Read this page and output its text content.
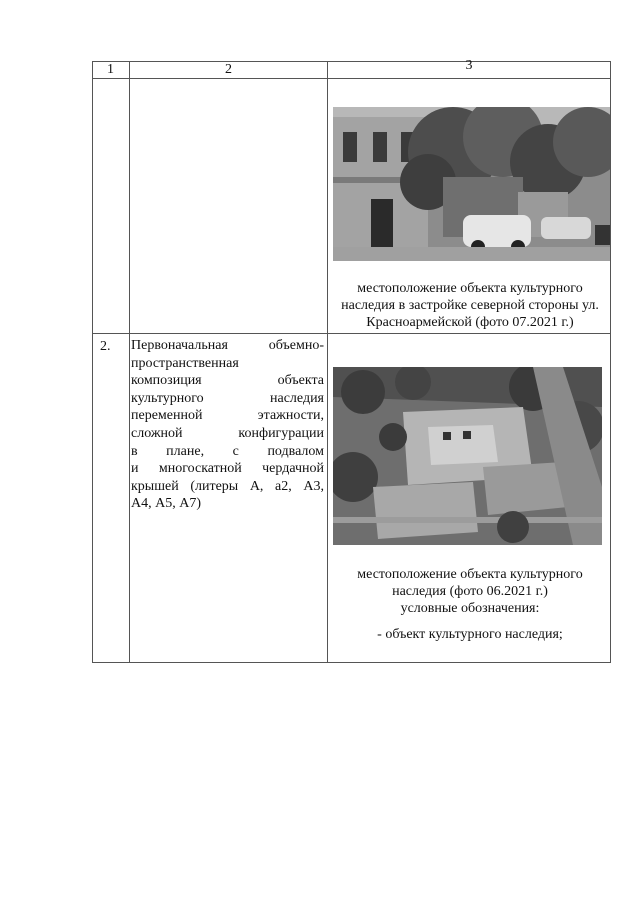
1	2	3
местоположение объекта культурного наследия в застройке северной стороны ул. Красноармейской (фото 07.2021 г.)
2. Первоначальная объемно-
пространственная
композиция объекта
культурного наследия
переменной этажности,
сложной конфигурации
в плане, с подвалом
и многоскатной чердачной
крышей (литеры А, а2, А3,
А4, А5, А7)
местоположение объекта культурного наследия (фото 06.2021 г.)
условные обозначения:
- объект культурного наследия;
